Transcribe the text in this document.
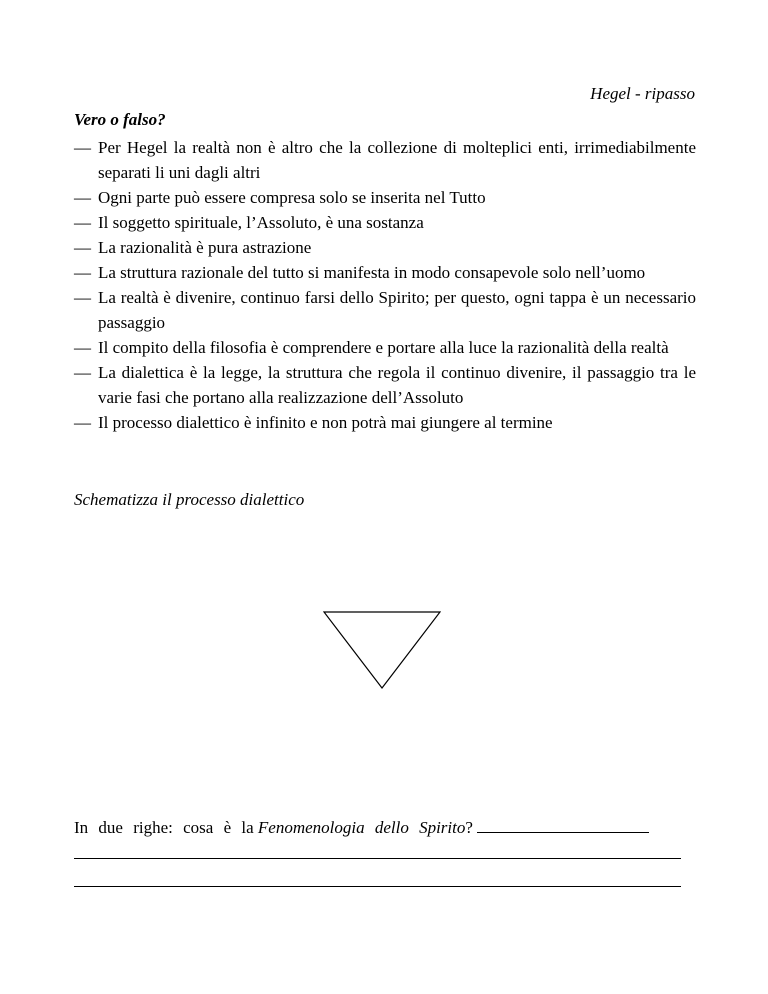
Hegel - ripasso
Vero o falso?
— Per Hegel la realtà non è altro che la collezione di molteplici enti, irrimediabilmente separati li uni dagli altri
— Ogni parte può essere compresa solo se inserita nel Tutto
— Il soggetto spirituale, l’Assoluto, è una sostanza
— La razionalità è pura astrazione
— La struttura razionale del tutto si manifesta in modo consapevole solo nell’uomo
— La realtà è divenire, continuo farsi dello Spirito; per questo, ogni tappa è un necessario passaggio
— Il compito della filosofia è comprendere e portare alla luce la razionalità della realtà
— La dialettica è la legge, la struttura che regola il continuo divenire, il passaggio tra le varie fasi che portano alla realizzazione dell’Assoluto
— Il processo dialettico è infinito e non potrà mai giungere al termine
Schematizza il processo dialettico
In due righe: cosa è la Fenomenologia dello Spirito?
